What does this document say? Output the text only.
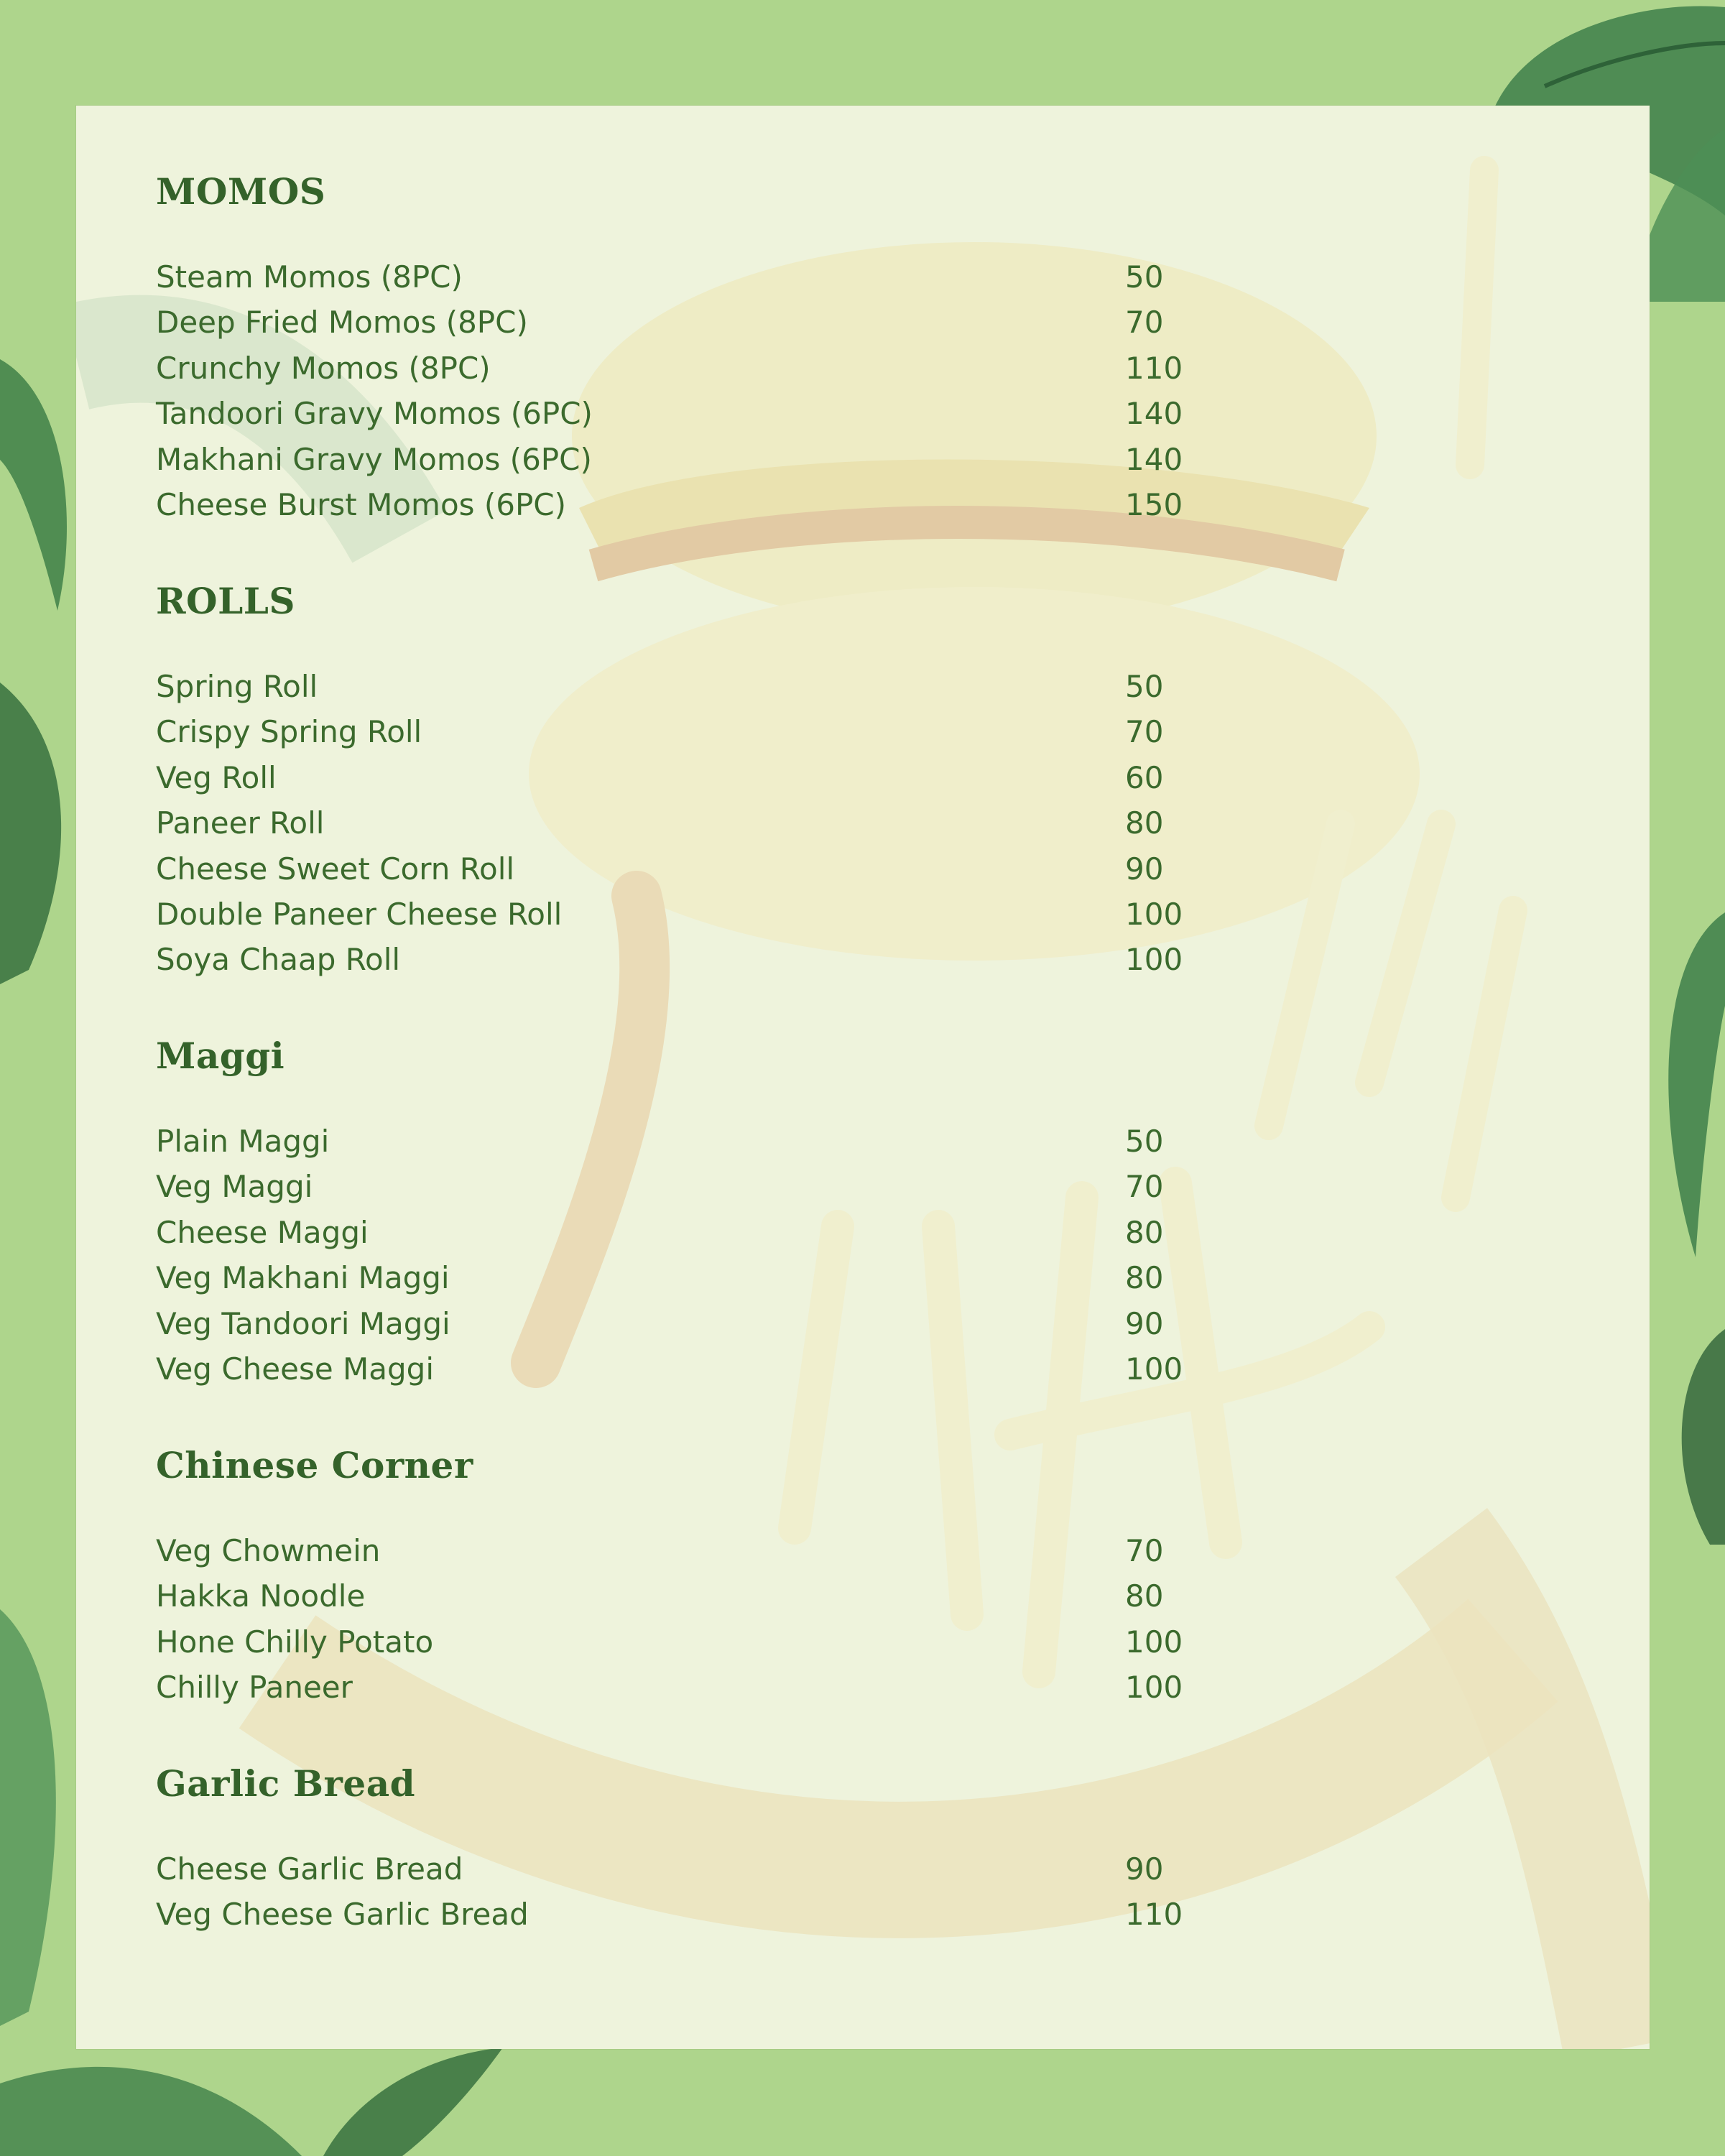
MOMOS
Steam Momos (8PC)	50
Deep Fried Momos (8PC)	70
Crunchy Momos (8PC)	110
Tandoori Gravy Momos (6PC)	140
Makhani Gravy Momos (6PC)	140
Cheese Burst Momos (6PC)	150
ROLLS
Spring Roll	50
Crispy Spring Roll	70
Veg Roll	60
Paneer Roll	80
Cheese Sweet Corn Roll	90
Double Paneer Cheese Roll	100
Soya Chaap Roll	100
Maggi
Plain Maggi	50
Veg Maggi	70
Cheese Maggi	80
Veg Makhani Maggi	80
Veg Tandoori Maggi	90
Veg Cheese Maggi	100
Chinese Corner
Veg Chowmein	70
Hakka Noodle	80
Hone Chilly Potato	100
Chilly Paneer	100
Garlic Bread
Cheese Garlic Bread	90
Veg Cheese Garlic Bread	110
